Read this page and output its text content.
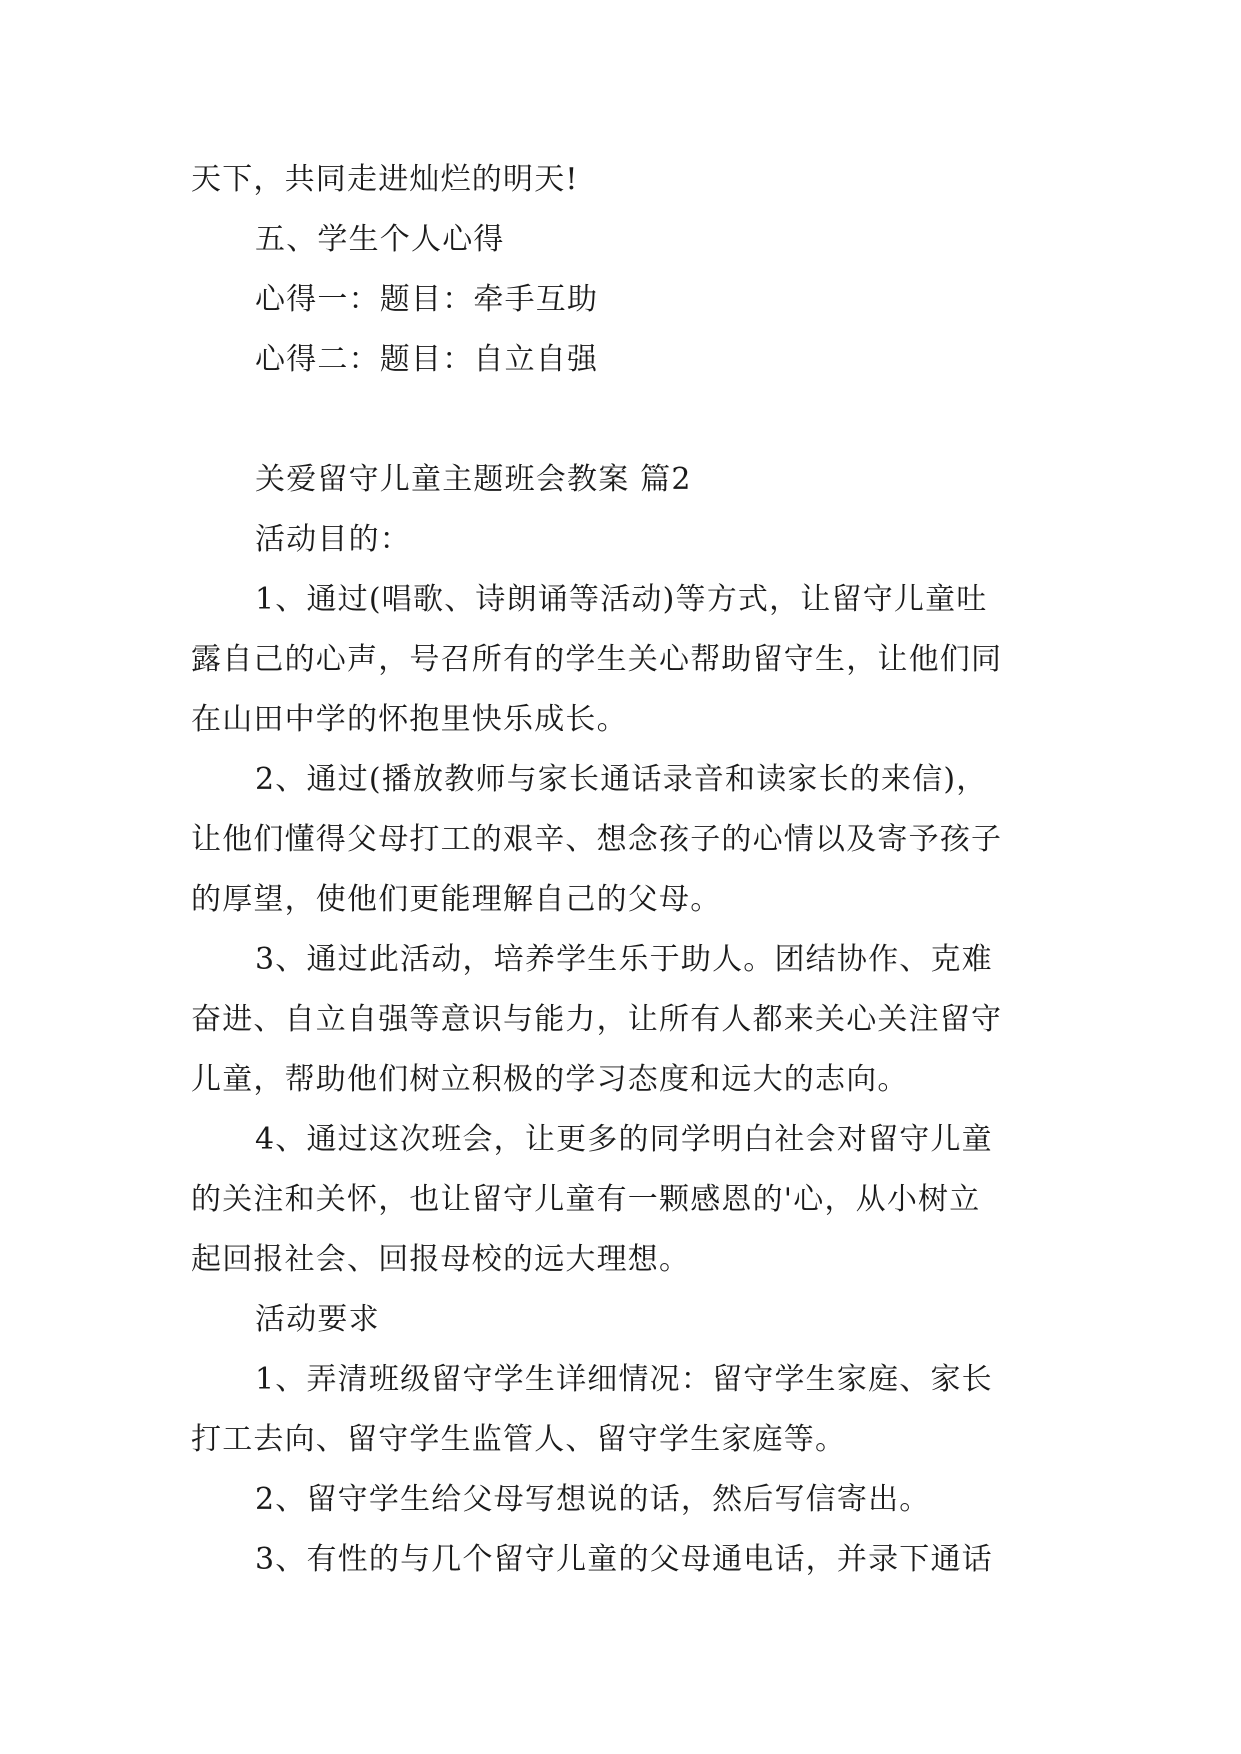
天下，共同走进灿烂的明天!

五、学生个人心得

心得一：题目：牵手互助

心得二：题目：自立自强

关爱留守儿童主题班会教案 篇2

活动目的：

1、通过(唱歌、诗朗诵等活动)等方式，让留守儿童吐

露自己的心声，号召所有的学生关心帮助留守生，让他们同

在山田中学的怀抱里快乐成长。

2、通过(播放教师与家长通话录音和读家长的来信)，

让他们懂得父母打工的艰辛、想念孩子的心情以及寄予孩子

的厚望，使他们更能理解自己的父母。

3、通过此活动，培养学生乐于助人。团结协作、克难

奋进、自立自强等意识与能力，让所有人都来关心关注留守

儿童，帮助他们树立积极的学习态度和远大的志向。

4、通过这次班会，让更多的同学明白社会对留守儿童

的关注和关怀，也让留守儿童有一颗感恩的'心，从小树立

起回报社会、回报母校的远大理想。

活动要求

1、弄清班级留守学生详细情况：留守学生家庭、家长

打工去向、留守学生监管人、留守学生家庭等。

2、留守学生给父母写想说的话，然后写信寄出。

3、有性的与几个留守儿童的父母通电话，并录下通话
